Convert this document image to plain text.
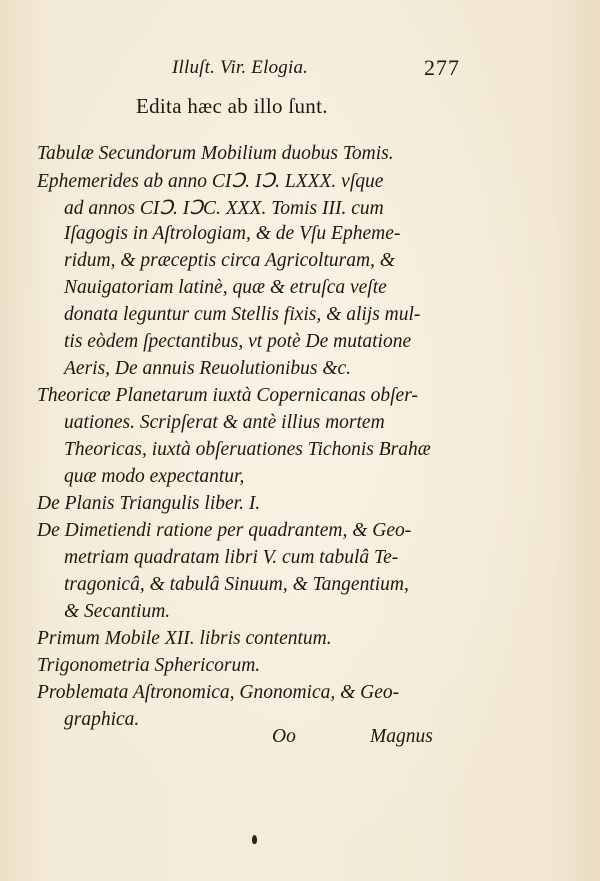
Illuſt. Vir. Elogia.	277
Edita hæc ab illo ſunt.
Tabulæ Secundorum Mobilium duobus Tomis.
Ephemerides ab anno CIↃ. IↃ. LXXX. vſque
ad annos CIↃ. IↃC. XXX. Tomis III. cum
Iſagogis in Aſtrologiam, & de Vſu Epheme-
ridum, & præceptis circa Agricolturam, &
Nauigatoriam latinè, quæ & etruſca veſte
donata leguntur cum Stellis fixis, & alijs mul-
tis eòdem ſpectantibus, vt potè De mutatione
Aeris, De annuis Reuolutionibus &c.
Theoricæ Planetarum iuxtà Copernicanas obſer-
uationes. Scripſerat & antè illius mortem
Theoricas, iuxtà obſeruationes Tichonis Brahæ
quæ modo expectantur,
De Planis Triangulis liber. I.
De Dimetiendi ratione per quadrantem, & Geo-
metriam quadratam libri V. cum tabulâ Te-
tragonicâ, & tabulâ Sinuum, & Tangentium,
& Secantium.
Primum Mobile XII. libris contentum.
Trigonometria Sphericorum.
Problemata Aſtronomica, Gnonomica, & Geo-
graphica.
Oo	Magnus
